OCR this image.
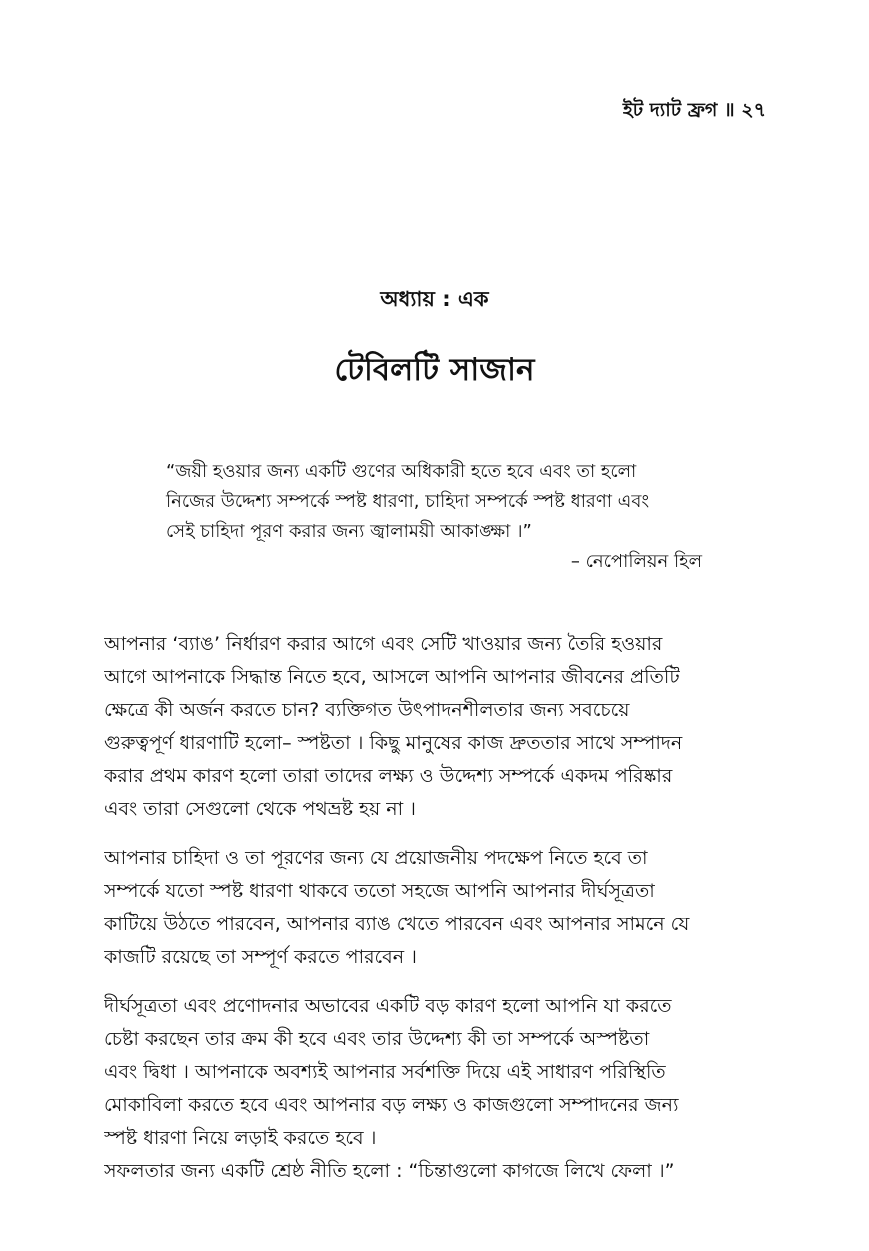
ইট দ্যাট ফ্রগ ॥ ২৭
অধ্যায় : এক
টেবিলটি সাজান
“জয়ী হওয়ার জন্য একটি গুণের অধিকারী হতে হবে এবং তা হলো
নিজের উদ্দেশ্য সম্পর্কে স্পষ্ট ধারণা, চাহিদা সম্পর্কে স্পষ্ট ধারণা এবং
সেই চাহিদা পূরণ করার জন্য জ্বালাময়ী আকাঙ্ক্ষা ।”
– নেপোলিয়ন হিল
আপনার ‘ব্যাঙ’ নির্ধারণ করার আগে এবং সেটি খাওয়ার জন্য তৈরি হওয়ার
আগে আপনাকে সিদ্ধান্ত নিতে হবে, আসলে আপনি আপনার জীবনের প্রতিটি
ক্ষেত্রে কী অর্জন করতে চান? ব্যক্তিগত উৎপাদনশীলতার জন্য সবচেয়ে
গুরুত্বপূর্ণ ধারণাটি হলো– স্পষ্টতা । কিছু মানুষের কাজ দ্রুততার সাথে সম্পাদন
করার প্রথম কারণ হলো তারা তাদের লক্ষ্য ও উদ্দেশ্য সম্পর্কে একদম পরিষ্কার
এবং তারা সেগুলো থেকে পথভ্রষ্ট হয় না ।
আপনার চাহিদা ও তা পূরণের জন্য যে প্রয়োজনীয় পদক্ষেপ নিতে হবে তা
সম্পর্কে যতো স্পষ্ট ধারণা থাকবে ততো সহজে আপনি আপনার দীর্ঘসূত্রতা
কাটিয়ে উঠতে পারবেন, আপনার ব্যাঙ খেতে পারবেন এবং আপনার সামনে যে
কাজটি রয়েছে তা সম্পূর্ণ করতে পারবেন ।
দীর্ঘসূত্রতা এবং প্রণোদনার অভাবের একটি বড় কারণ হলো আপনি যা করতে
চেষ্টা করছেন তার ক্রম কী হবে এবং তার উদ্দেশ্য কী তা সম্পর্কে অস্পষ্টতা
এবং দ্বিধা । আপনাকে অবশ্যই আপনার সর্বশক্তি দিয়ে এই সাধারণ পরিস্থিতি
মোকাবিলা করতে হবে এবং আপনার বড় লক্ষ্য ও কাজগুলো সম্পাদনের জন্য
স্পষ্ট ধারণা নিয়ে লড়াই করতে হবে ।
সফলতার জন্য একটি শ্রেষ্ঠ নীতি হলো : “চিন্তাগুলো কাগজে লিখে ফেলা ।”
